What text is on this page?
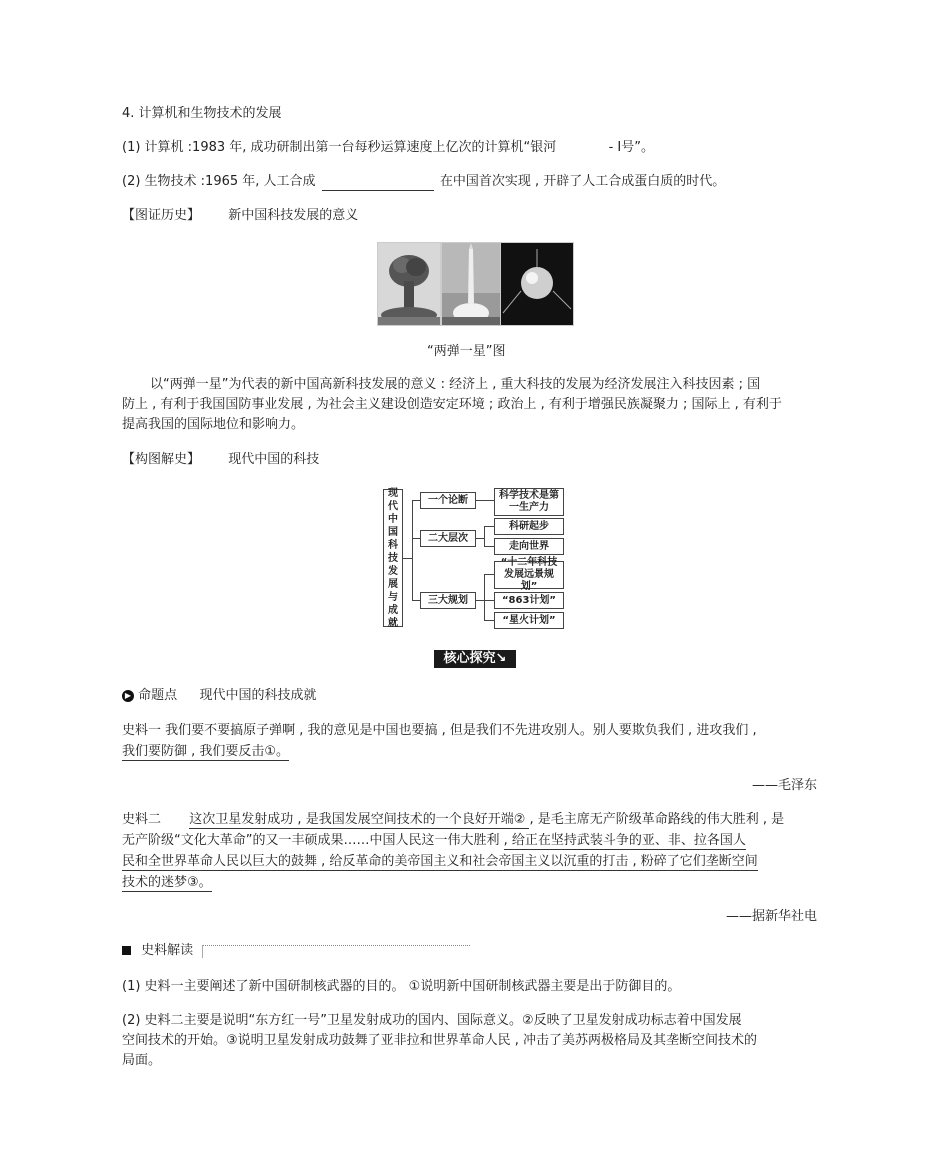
4. 计算机和生物技术的发展
(1) 计算机 :1983 年, 成功研制出第一台每秒运算速度上亿次的计算机“银河	- Ⅰ号”。
(2) 生物技术 :1965 年, 人工合成	在中国首次实现 , 开辟了人工合成蛋白质的时代。
【图证历史】 新中国科技发展的意义
“两弹一星”图
以“两弹一星”为代表的新中国高新科技发展的意义 : 经济上 , 重大科技的发展为经济发展注入科技因素 ; 国
防上 , 有利于我国国防事业发展 , 为社会主义建设创造安定环境 ; 政治上 , 有利于增强民族凝聚力 ; 国际上 , 有利于
提高我国的国际地位和影响力。
【构图解史】 现代中国的科技
现代中国科技发展与成就
一个论断
二大层次
三大规划
科学技术是第一生产力
科研起步
走向世界
“十二年科技发展远景规划”
“863计划”
“星火计划”
核心探究↘
▶ 命题点 现代中国的科技成就
史料一 我们要不要搞原子弹啊 , 我的意见是中国也要搞 , 但是我们不先进攻别人。别人要欺负我们 , 进攻我们 ,
我们要防御 , 我们要反击①。
——毛泽东
史料二 这次卫星发射成功 , 是我国发展空间技术的一个良好开端② , 是毛主席无产阶级革命路线的伟大胜利 , 是
无产阶级“文化大革命”的又一丰硕成果……中国人民这一伟大胜利 , 给正在坚持武装斗争的亚、非、拉各国人
民和全世界革命人民以巨大的鼓舞 , 给反革命的美帝国主义和社会帝国主义以沉重的打击 , 粉碎了它们垄断空间
技术的迷梦③。
——据新华社电
史料解读
(1) 史料一主要阐述了新中国研制核武器的目的。 ①说明新中国研制核武器主要是出于防御目的。
(2) 史料二主要是说明“东方红一号”卫星发射成功的国内、国际意义。②反映了卫星发射成功标志着中国发展
空间技术的开始。③说明卫星发射成功鼓舞了亚非拉和世界革命人民 , 冲击了美苏两极格局及其垄断空间技术的
局面。
